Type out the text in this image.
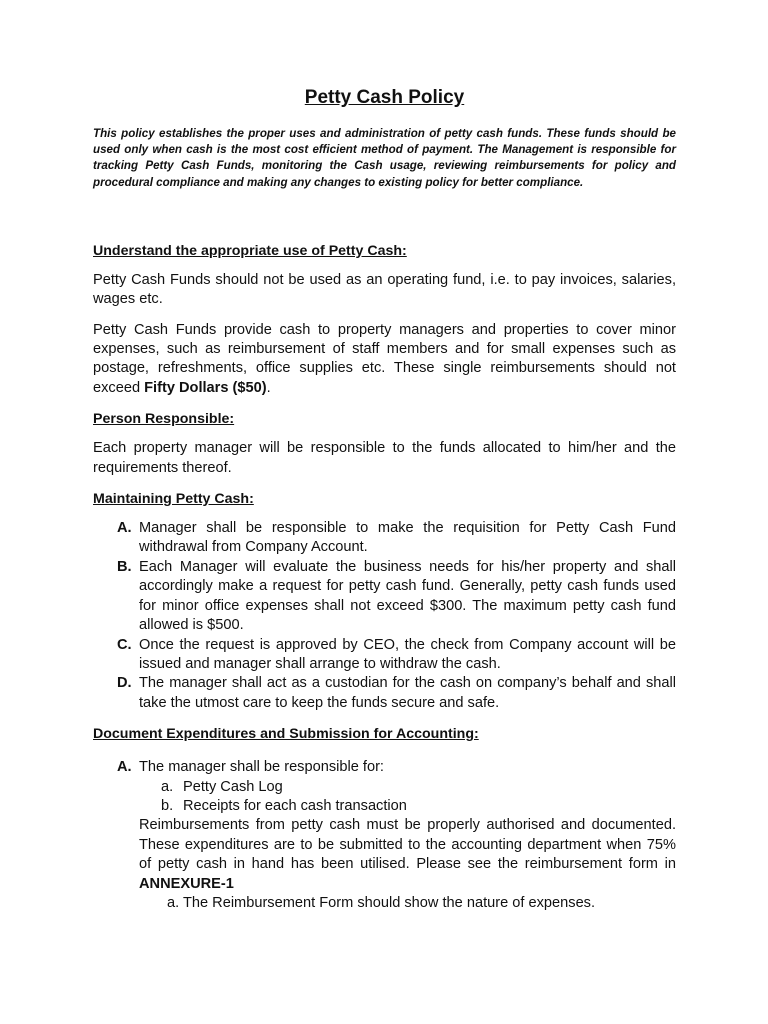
Petty Cash Policy
This policy establishes the proper uses and administration of petty cash funds. These funds should be used only when cash is the most cost efficient method of payment. The Management is responsible for tracking Petty Cash Funds, monitoring the Cash usage, reviewing reimbursements for policy and procedural compliance and making any changes to existing policy for better compliance.
Understand the appropriate use of Petty Cash:
Petty Cash Funds should not be used as an operating fund, i.e. to pay invoices, salaries, wages etc.
Petty Cash Funds provide cash to property managers and properties to cover minor expenses, such as reimbursement of staff members and for small expenses such as postage, refreshments, office supplies etc. These single reimbursements should not exceed Fifty Dollars ($50).
Person Responsible:
Each property manager will be responsible to the funds allocated to him/her and the requirements thereof.
Maintaining Petty Cash:
A. Manager shall be responsible to make the requisition for Petty Cash Fund withdrawal from Company Account.
B. Each Manager will evaluate the business needs for his/her property and shall accordingly make a request for petty cash fund. Generally, petty cash funds used for minor office expenses shall not exceed $300. The maximum petty cash fund allowed is $500.
C. Once the request is approved by CEO, the check from Company account will be issued and manager shall arrange to withdraw the cash.
D. The manager shall act as a custodian for the cash on company’s behalf and shall take the utmost care to keep the funds secure and safe.
Document Expenditures and Submission for Accounting:
A. The manager shall be responsible for:
a. Petty Cash Log
b. Receipts for each cash transaction
Reimbursements from petty cash must be properly authorised and documented. These expenditures are to be submitted to the accounting department when 75% of petty cash in hand has been utilised. Please see the reimbursement form in ANNEXURE-1
a. The Reimbursement Form should show the nature of expenses.
